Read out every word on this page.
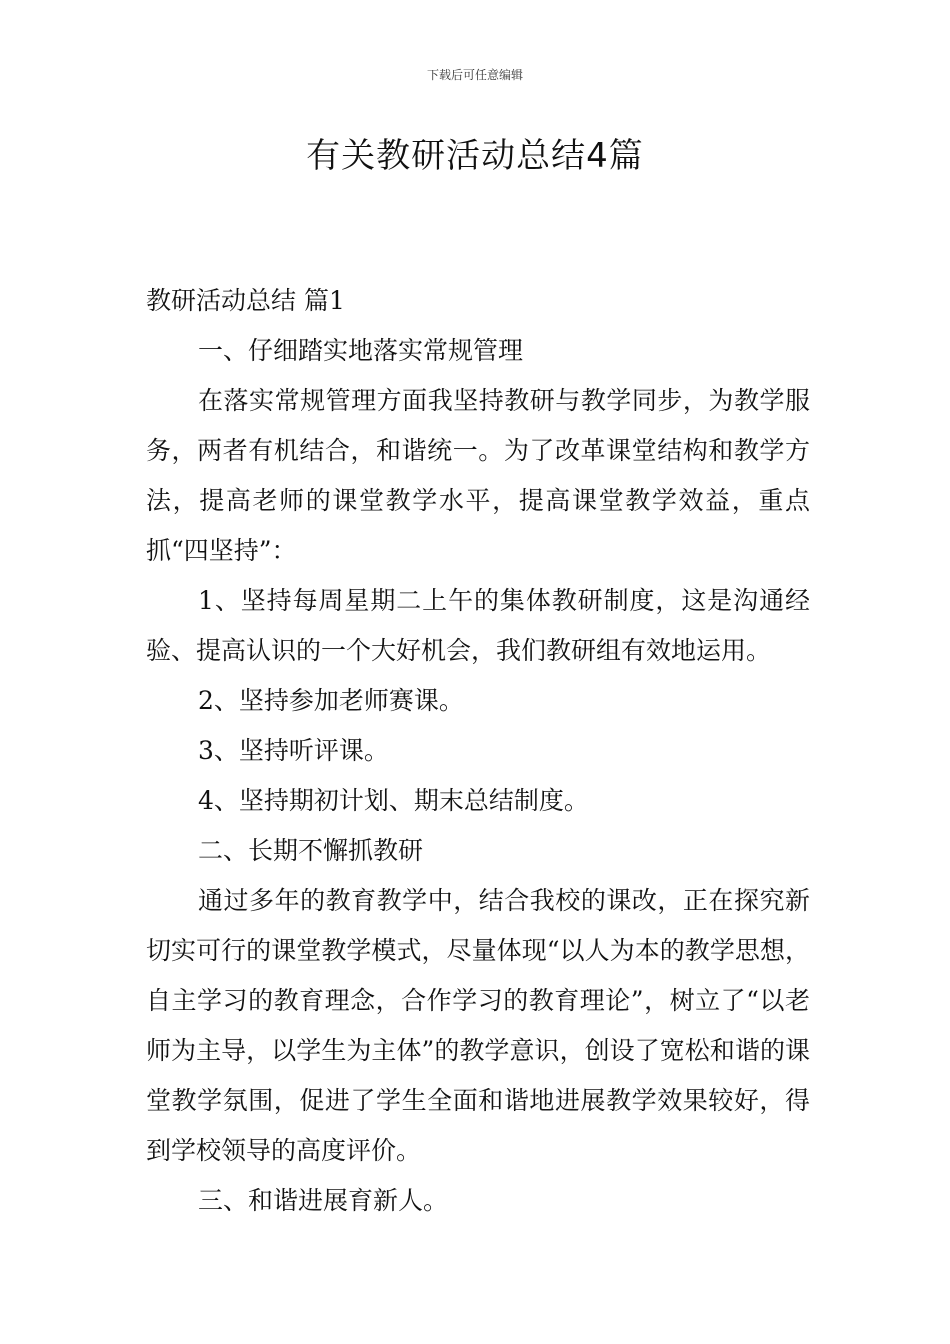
下载后可任意编辑
有关教研活动总结4篇

教研活动总结 篇1

一、仔细踏实地落实常规管理

在落实常规管理方面我坚持教研与教学同步，为教学服务，两者有机结合，和谐统一。为了改革课堂结构和教学方法，提高老师的课堂教学水平，提高课堂教学效益，重点抓“四坚持”：

1、坚持每周星期二上午的集体教研制度，这是沟通经验、提高认识的一个大好机会，我们教研组有效地运用。

2、坚持参加老师赛课。

3、坚持听评课。

4、坚持期初计划、期末总结制度。

二、长期不懈抓教研

通过多年的教育教学中，结合我校的课改，正在探究新切实可行的课堂教学模式，尽量体现“以人为本的教学思想，自主学习的教育理念，合作学习的教育理论”，树立了“以老师为主导，以学生为主体”的教学意识，创设了宽松和谐的课堂教学氛围，促进了学生全面和谐地进展教学效果较好，得到学校领导的高度评价。

三、和谐进展育新人。
